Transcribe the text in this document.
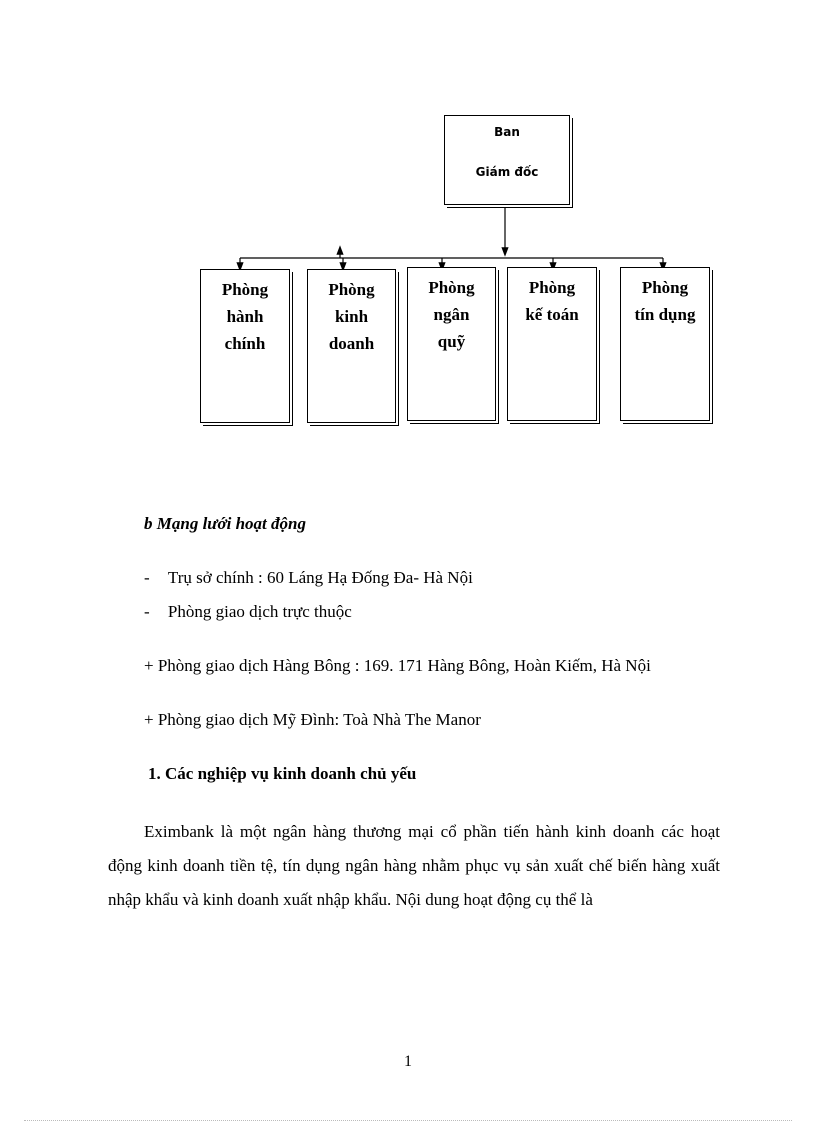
Ban
Giám đốc
Phòng
hành
chính
Phòng
kinh
doanh
Phòng
ngân
quỹ
Phòng
kế toán
Phòng
tín dụng
b Mạng lưới hoạt động
- Trụ sở chính : 60 Láng Hạ Đống Đa- Hà Nội
- Phòng giao dịch trực thuộc
+ Phòng giao dịch Hàng Bông : 169. 171 Hàng Bông, Hoàn Kiếm, Hà Nội
+ Phòng giao dịch Mỹ Đình: Toà Nhà The Manor
1. Các nghiệp vụ kinh doanh chủ yếu
Eximbank là một ngân hàng thương mại cổ phần tiến hành kinh doanh các hoạt động kinh doanh tiền tệ, tín dụng ngân hàng nhằm phục vụ sản xuất chế biến hàng xuất nhập khẩu và kinh doanh xuất nhập khẩu. Nội dung hoạt động cụ thể là
1
